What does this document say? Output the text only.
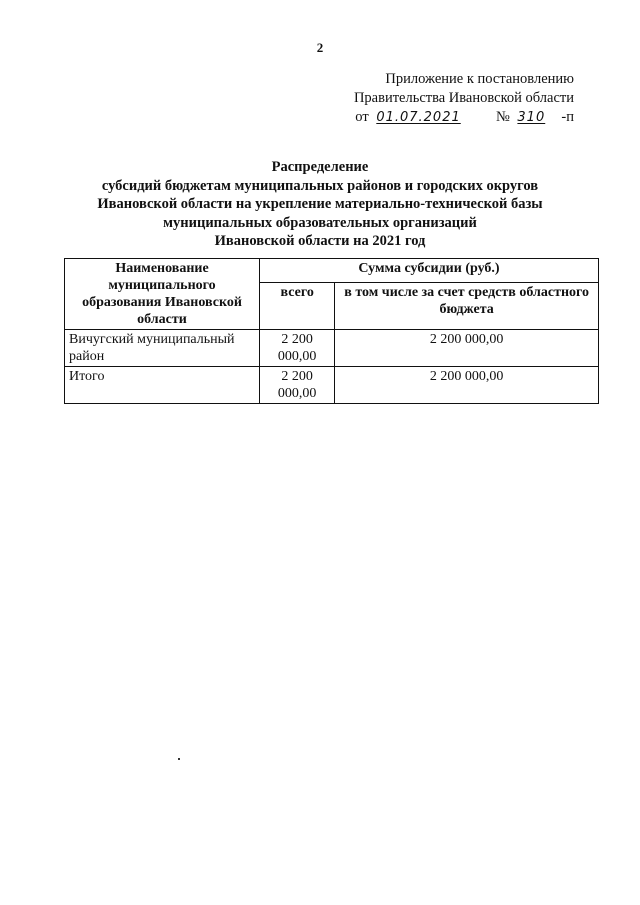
2
Приложение к постановлению
Правительства Ивановской области
от 01.07.2021 № 310 -п
Распределение
субсидий бюджетам муниципальных районов и городских округов
Ивановской области на укрепление материально-технической базы
муниципальных образовательных организаций
Ивановской области на 2021 год
Наименование муниципального образования Ивановской области	Сумма субсидии (руб.)	
	всего	в том числе за счет средств областного бюджета
Вичугский муниципальный район	2 200 000,00	2 200 000,00
Итого	2 200 000,00	2 200 000,00
